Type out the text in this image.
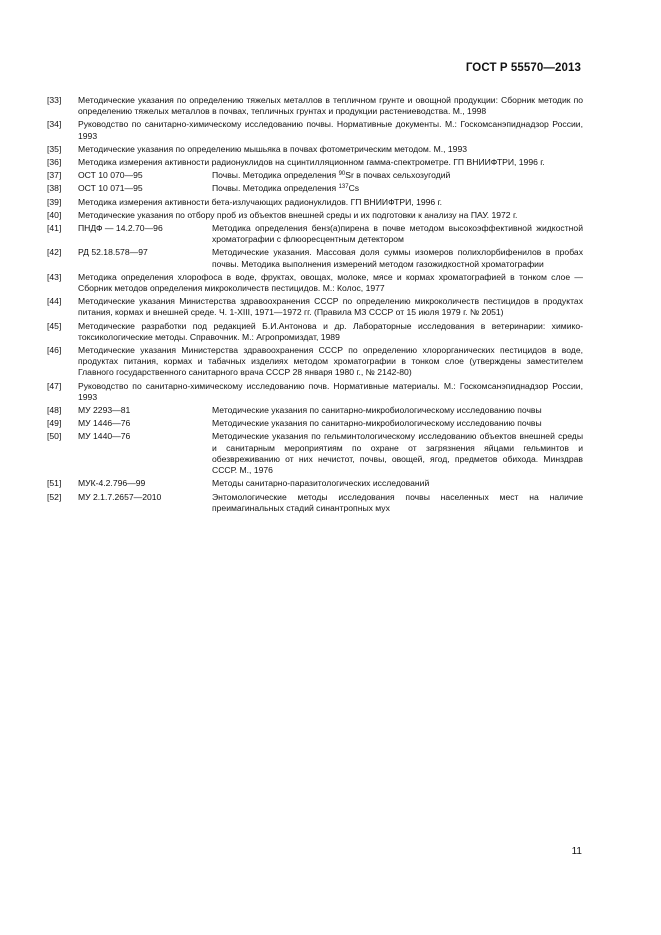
ГОСТ Р 55570—2013
[33]	Методические указания по определению тяжелых металлов в тепличном грунте и овощной продукции: Сборник методик по определению тяжелых металлов в почвах, тепличных грунтах и продукции растениеводства. М., 1998
[34]	Руководство по санитарно-химическому исследованию почвы. Нормативные документы. М.: Госкомсанэпиднадзор России, 1993
[35]	Методические указания по определению мышьяка в почвах фотометрическим методом. М., 1993
[36]	Методика измерения активности радионуклидов на сцинтилляционном гамма-спектрометре. ГП ВНИИФТРИ, 1996 г.
[37]	ОСТ 10 070—95	Почвы. Методика определения $^{90}$Sr в почвах сельхозугодий
[38]	ОСТ 10 071—95	Почвы. Методика определения $^{137}$Cs
[39]	Методика измерения активности бета-излучающих радионуклидов. ГП ВНИИФТРИ, 1996 г.
[40]	Методические указания по отбору проб из объектов внешней среды и их подготовки к анализу на ПАУ. 1972 г.
[41]	ПНДФ — 14.2.70—96	Методика определения бенз(а)пирена в почве методом высокоэффективной жидкостной хроматографии с флюоресцентным детектором
[42]	РД 52.18.578—97	Методические указания. Массовая доля суммы изомеров полихлорбифенилов в пробах почвы. Методика выполнения измерений методом газожидкостной хроматографии
[43]	Методика определения хлорофоса в воде, фруктах, овощах, молоке, мясе и кормах хроматографией в тонком слое — Сборник методов определения микроколичеств пестицидов. М.: Колос, 1977
[44]	Методические указания Министерства здравоохранения СССР по определению микроколичеств пестицидов в продуктах питания, кормах и внешней среде. Ч. 1-XIII, 1971—1972 гг. (Правила МЗ СССР от 15 июля 1979 г. № 2051)
[45]	Методические разработки под редакцией Б.И.Антонова и др. Лабораторные исследования в ветеринарии: химико-токсикологические методы. Справочник. М.: Агропромиздат, 1989
[46]	Методические указания Министерства здравоохранения СССР по определению хлорорганических пестицидов в воде, продуктах питания, кормах и табачных изделиях методом хроматографии в тонком слое (утверждены заместителем Главного государственного санитарного врача СССР 28 января 1980 г., № 2142-80)
[47]	Руководство по санитарно-химическому исследованию почв. Нормативные материалы. М.: Госкомсанэпиднадзор России, 1993
[48]	МУ 2293—81	Методические указания по санитарно-микробиологическому исследованию почвы
[49]	МУ 1446—76	Методические указания по санитарно-микробиологическому исследованию почвы
[50]	МУ 1440—76	Методические указания по гельминтологическому исследованию объектов внешней среды и санитарным мероприятиям по охране от загрязнения яйцами гельминтов и обезвреживанию от них нечистот, почвы, овощей, ягод, предметов обихода. Минздрав СССР. М., 1976
[51]	МУК-4.2.796—99	Методы санитарно-паразитологических исследований
[52]	МУ 2.1.7.2657—2010	Энтомологические методы исследования почвы населенных мест на наличие преимагинальных стадий синантропных мух
11
